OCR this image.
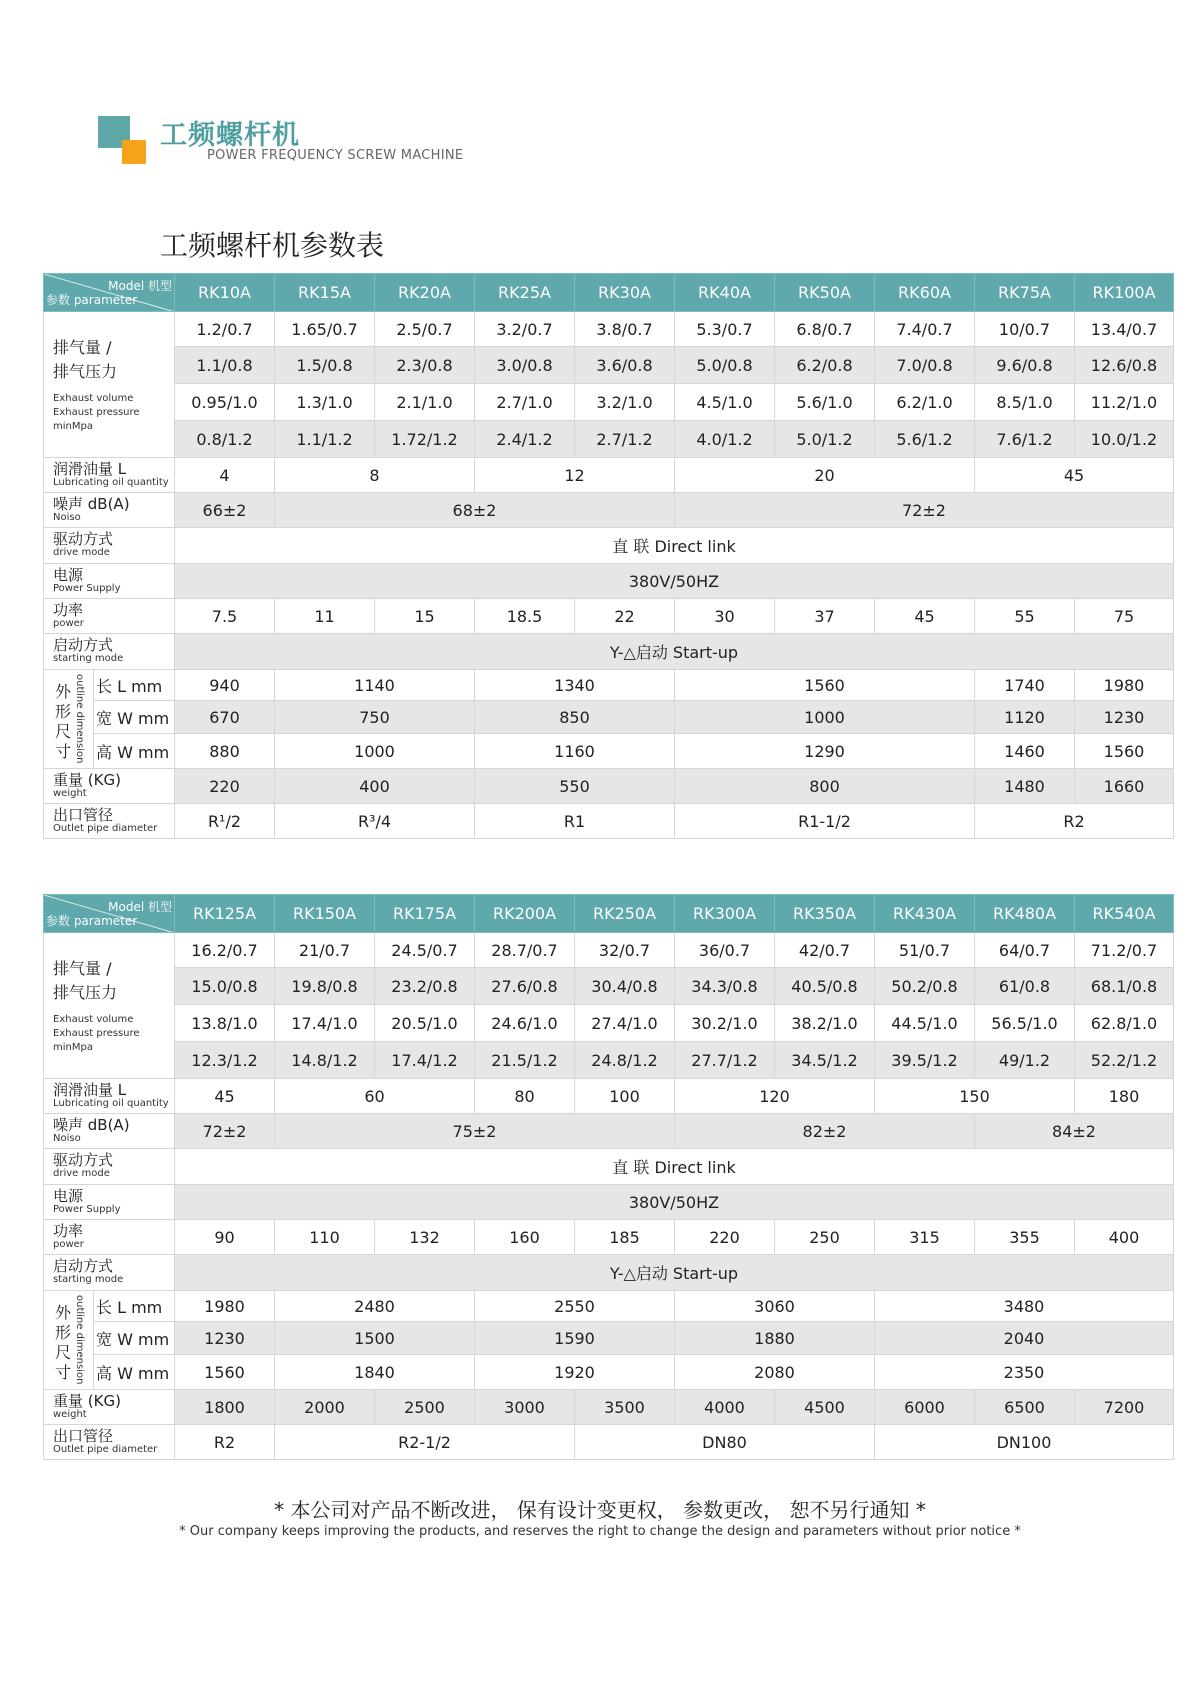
工频螺杆机
POWER FREQUENCY SCREW MACHINE
工频螺杆机参数表
Model 机型
参数 parameter		RK10A	RK15A	RK20A	RK25A	RK30A	RK40A	RK50A	RK60A	RK75A	RK100A

排气量 /
排气压力
Exhaust volume
Exhaust pressure
minMpa		1.2/0.7	1.65/0.7	2.5/0.7	3.2/0.7	3.8/0.7	5.3/0.7	6.8/0.7	7.4/0.7	10/0.7	13.4/0.7
		1.1/0.8	1.5/0.8	2.3/0.8	3.0/0.8	3.6/0.8	5.0/0.8	6.2/0.8	7.0/0.8	9.6/0.8	12.6/0.8
		0.95/1.0	1.3/1.0	2.1/1.0	2.7/1.0	3.2/1.0	4.5/1.0	5.6/1.0	6.2/1.0	8.5/1.0	11.2/1.0
		0.8/1.2	1.1/1.2	1.72/1.2	2.4/1.2	2.7/1.2	4.0/1.2	5.0/1.2	5.6/1.2	7.6/1.2	10.0/1.2

润滑油量 L
Lubricating oil quantity		4	8		12		20			45	

噪声 dB(A)
Noiso		66±2	68±2				72±2				

驱动方式
drive mode		直 联 Direct link									

电源
Power Supply		380V/50HZ									

功率
power		7.5	11	15	18.5	22	30	37	45	55	75

启动方式
starting mode		Y-△启动 Start-up									

外形尺寸 outline dimension	长 L mm	940	1140		1340		1560			1740	1980
	宽 W mm	670	750		850		1000			1120	1230
	高 W mm	880	1000		1160		1290			1460	1560

重量 (KG)
weight		220	400		550		800			1480	1660

出口管径
Outlet pipe diameter		R¹/2	R³/4		R1		R1-1/2			R2	
Model 机型
参数 parameter		RK125A	RK150A	RK175A	RK200A	RK250A	RK300A	RK350A	RK430A	RK480A	RK540A

排气量 /
排气压力
Exhaust volume
Exhaust pressure
minMpa		16.2/0.7	21/0.7	24.5/0.7	28.7/0.7	32/0.7	36/0.7	42/0.7	51/0.7	64/0.7	71.2/0.7
		15.0/0.8	19.8/0.8	23.2/0.8	27.6/0.8	30.4/0.8	34.3/0.8	40.5/0.8	50.2/0.8	61/0.8	68.1/0.8
		13.8/1.0	17.4/1.0	20.5/1.0	24.6/1.0	27.4/1.0	30.2/1.0	38.2/1.0	44.5/1.0	56.5/1.0	62.8/1.0
		12.3/1.2	14.8/1.2	17.4/1.2	21.5/1.2	24.8/1.2	27.7/1.2	34.5/1.2	39.5/1.2	49/1.2	52.2/1.2

润滑油量 L
Lubricating oil quantity		45	60		80	100	120		150		180

噪声 dB(A)
Noiso		72±2	75±2				82±2			84±2	

驱动方式
drive mode		直 联 Direct link									

电源
Power Supply		380V/50HZ									

功率
power		90	110	132	160	185	220	250	315	355	400

启动方式
starting mode		Y-△启动 Start-up									

外形尺寸 outline dimension	长 L mm	1980	2480		2550		3060		3480		
	宽 W mm	1230	1500		1590		1880		2040		
	高 W mm	1560	1840		1920		2080		2350		

重量 (KG)
weight		1800	2000	2500	3000	3500	4000	4500	6000	6500	7200

出口管径
Outlet pipe diameter		R2	R2-1/2			DN80			DN100		
* 本公司对产品不断改进， 保有设计变更权， 参数更改， 恕不另行通知 *
* Our company keeps improving the products, and reserves the right to change the design and parameters without prior notice *
